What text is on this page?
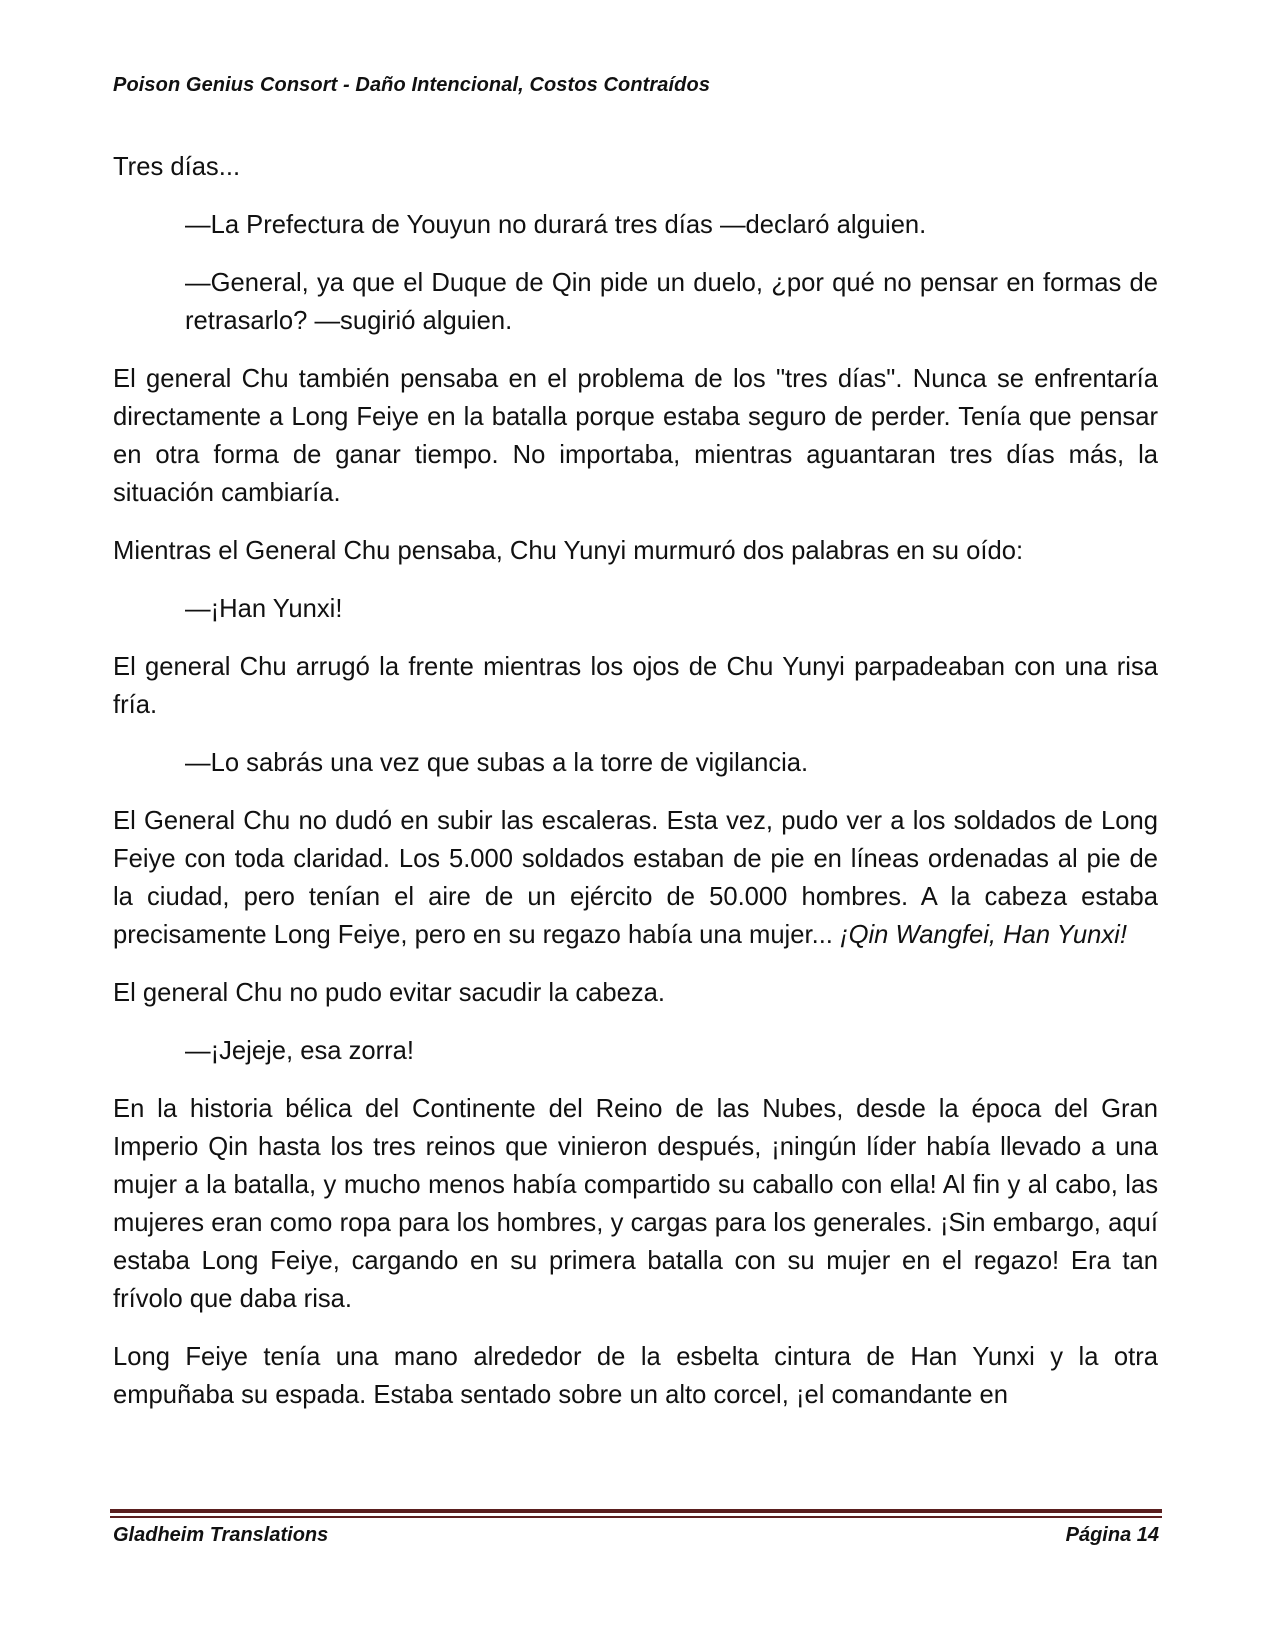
Poison Genius Consort - Daño Intencional, Costos Contraídos

Tres días...

—La Prefectura de Youyun no durará tres días —declaró alguien.

—General, ya que el Duque de Qin pide un duelo, ¿por qué no pensar en formas de retrasarlo? —sugirió alguien.

El general Chu también pensaba en el problema de los "tres días". Nunca se enfrentaría directamente a Long Feiye en la batalla porque estaba seguro de perder. Tenía que pensar en otra forma de ganar tiempo. No importaba, mientras aguantaran tres días más, la situación cambiaría.

Mientras el General Chu pensaba, Chu Yunyi murmuró dos palabras en su oído:

—¡Han Yunxi!

El general Chu arrugó la frente mientras los ojos de Chu Yunyi parpadeaban con una risa fría.

—Lo sabrás una vez que subas a la torre de vigilancia.

El General Chu no dudó en subir las escaleras. Esta vez, pudo ver a los soldados de Long Feiye con toda claridad. Los 5.000 soldados estaban de pie en líneas ordenadas al pie de la ciudad, pero tenían el aire de un ejército de 50.000 hombres. A la cabeza estaba precisamente Long Feiye, pero en su regazo había una mujer... ¡Qin Wangfei, Han Yunxi!

El general Chu no pudo evitar sacudir la cabeza.

—¡Jejeje, esa zorra!

En la historia bélica del Continente del Reino de las Nubes, desde la época del Gran Imperio Qin hasta los tres reinos que vinieron después, ¡ningún líder había llevado a una mujer a la batalla, y mucho menos había compartido su caballo con ella! Al fin y al cabo, las mujeres eran como ropa para los hombres, y cargas para los generales. ¡Sin embargo, aquí estaba Long Feiye, cargando en su primera batalla con su mujer en el regazo! Era tan frívolo que daba risa.

Long Feiye tenía una mano alrededor de la esbelta cintura de Han Yunxi y la otra empuñaba su espada. Estaba sentado sobre un alto corcel, ¡el comandante en

Gladheim Translations	Página 14
